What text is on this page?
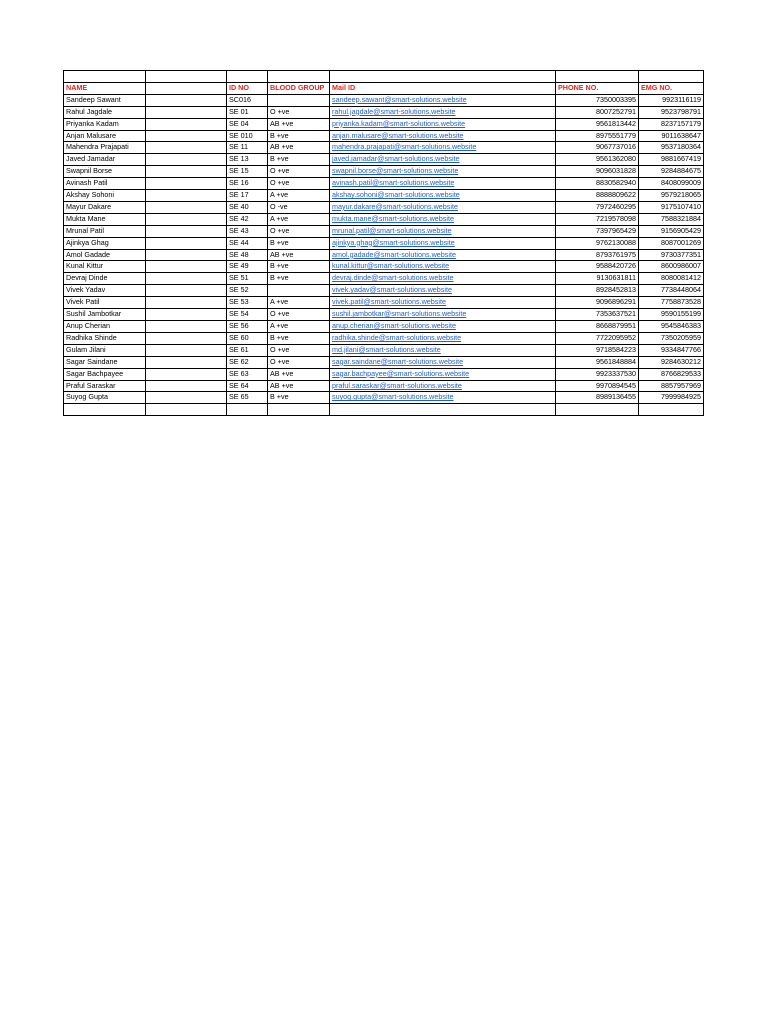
NAME		ID NO	BLOOD GROUP	Mail ID	PHONE NO.	EMG NO.
Sandeep Sawant		SC016		sandeep.sawant@smart-solutions.website	7350003395	9923116119
Rahul Jagdale		SE 01	O +ve	rahul.jagdale@smart-solutions.website	8007252791	9523798791
Priyanka Kadam		SE 04	AB +ve	priyanka.kadam@smart-solutions.website	9561813442	8237157179
Anjan Malusare		SE 010	B +ve	anjan.malusare@smart-solutions.website	8975551779	9011638647
Mahendra Prajapati		SE 11	AB +ve	mahendra.prajapati@smart-solutions.website	9067737016	9537180364
Javed Jamadar		SE 13	B +ve	javed.jamadar@smart-solutions.website	9561362080	9881667419
Swapnil Borse		SE 15	O +ve	swapnil.borse@smart-solutions.website	9096031828	9284884675
Avinash Patil		SE 16	O +ve	avinash.patil@smart-solutions.website	8830582940	8408099009
Akshay Sohoni		SE 17	A +ve	akshay.sohoni@smart-solutions.website	8888809622	9579218065
Mayur Dakare		SE 40	O -ve	mayur.dakare@smart-solutions.website	7972460295	9175107410
Mukta Mane		SE 42	A +ve	mukta.mane@smart-solutions.website	7219578098	7588321884
Mrunal Patil		SE 43	O +ve	mrunal.patil@smart-solutions.website	7397965429	9156905429
Ajinkya Ghag		SE 44	B +ve	ajinkya.ghag@smart-solutions.website	9762130088	8087001269
Amol Gadade		SE 48	AB +ve	amol.gadade@smart-solutions.website	8793761975	9730377351
Kunal Kittur		SE 49	B +ve	kunal.kittur@smart-solutions.website	9588420726	8600986007
Devraj Dinde		SE 51	B +ve	devraj.dinde@smart-solutions.website	9130631811	8080081412
Vivek Yadav		SE 52		vivek.yadav@smart-solutions.website	8928452813	7738448064
Vivek Patil		SE 53	A +ve	vivek.patil@smart-solutions.website	9096896291	7758873528
Sushil Jambotkar		SE 54	O +ve	sushil.jambotkar@smart-solutions.website	7353637521	9590155199
Anup Cherian		SE 56	A +ve	anup.cherian@smart-solutions.website	8668879951	9545846383
Radhika Shinde		SE 60	B +ve	radhika.shinde@smart-solutions.website	7722095952	7350205959
Gulam Jilani		SE 61	O +ve	md.jilani@smart-solutions.website	9718584223	9334847766
Sagar Saindane		SE 62	O +ve	sagar.saindane@smart-solutions.website	9561848884	9284630212
Sagar Bachpayee		SE 63	AB +ve	sagar.bachpayee@smart-solutions.website	9923337530	8766829533
Praful Saraskar		SE 64	AB +ve	praful.saraskar@smart-solutions.website	9970894545	8857957969
Suyog Gupta		SE 65	B +ve	suyog.gupta@smart-solutions.website	8989136455	7999984925
